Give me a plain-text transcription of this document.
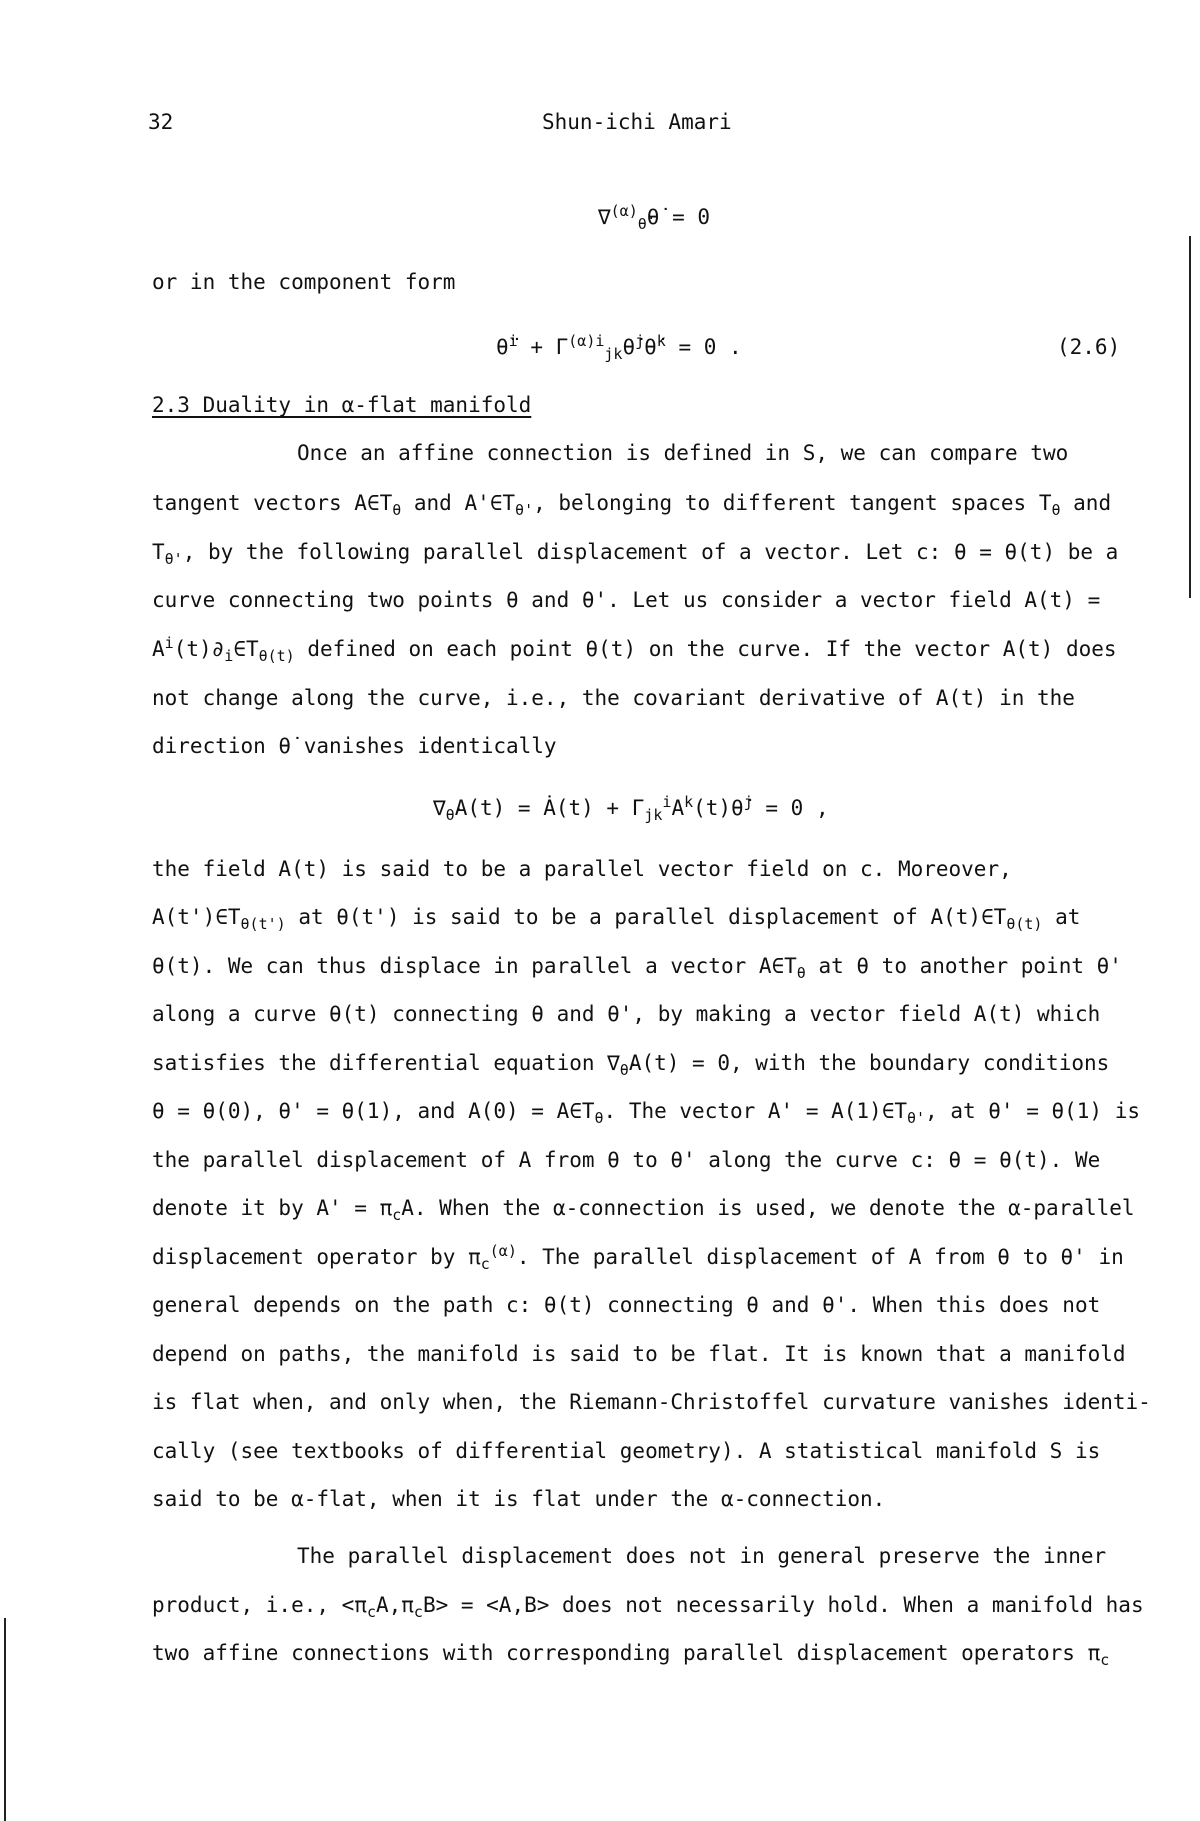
32	Shun-ichi Amari
∇$^{(\alpha)}_{\thetȧ}$θ̇ = 0
or in the component form
θ̈$^i$ + $\Gamma^{(\alpha)i}_{jk}\thetȧ^j\thetȧ^k = 0$ .	(2.6)
2.3 Duality in α-flat manifold
Once an affine connection is defined in S, we can compare two
tangent vectors $A\in T_\theta$ and $A'\in T_{\theta'}$, belonging to different tangent spaces $T_\theta$ and
$T_{\theta'}$, by the following parallel displacement of a vector. Let c: θ = θ(t) be a
curve connecting two points θ and θ'. Let us consider a vector field A(t) =
$A^i(t)\partial_i\in T_{\theta(t)}$ defined on each point θ(t) on the curve. If the vector A(t) does
not change along the curve, i.e., the covariant derivative of A(t) in the
direction θ̇ vanishes identically
$\nabla_{\thetȧ}A(t)$ = Ȧ(t) + $\Gamma_{jk}^iA^k(t)\thetȧ^j = 0$ ,
the field A(t) is said to be a parallel vector field on c. Moreover,
$A(t')\in T_{\theta(t')}$ at θ(t') is said to be a parallel displacement of $A(t)\in T_{\theta(t)}$ at
θ(t). We can thus displace in parallel a vector $A\in T_\theta$ at θ to another point θ'
along a curve θ(t) connecting θ and θ', by making a vector field A(t) which
satisfies the differential equation $\nabla_{\thetȧ}A(t) = 0$, with the boundary conditions
θ = θ(0), θ' = θ(1), and $A(0) = A\in T_\theta$. The vector $A' = A(1)\in T_{\theta'}$, at θ' = θ(1) is
the parallel displacement of A from θ to θ' along the curve c: θ = θ(t). We
denote it by $A' = \pi_cA$. When the α-connection is used, we denote the α-parallel
displacement operator by $\pi_c^{(\alpha)}$. The parallel displacement of A from θ to θ' in
general depends on the path c: θ(t) connecting θ and θ'. When this does not
depend on paths, the manifold is said to be flat. It is known that a manifold
is flat when, and only when, the Riemann-Christoffel curvature vanishes identi-
cally (see textbooks of differential geometry). A statistical manifold S is
said to be α-flat, when it is flat under the α-connection.
The parallel displacement does not in general preserve the inner
product, i.e., $<\pi_cA,\pi_cB> = <A,B>$ does not necessarily hold. When a manifold has
two affine connections with corresponding parallel displacement operators $\pi_c$
